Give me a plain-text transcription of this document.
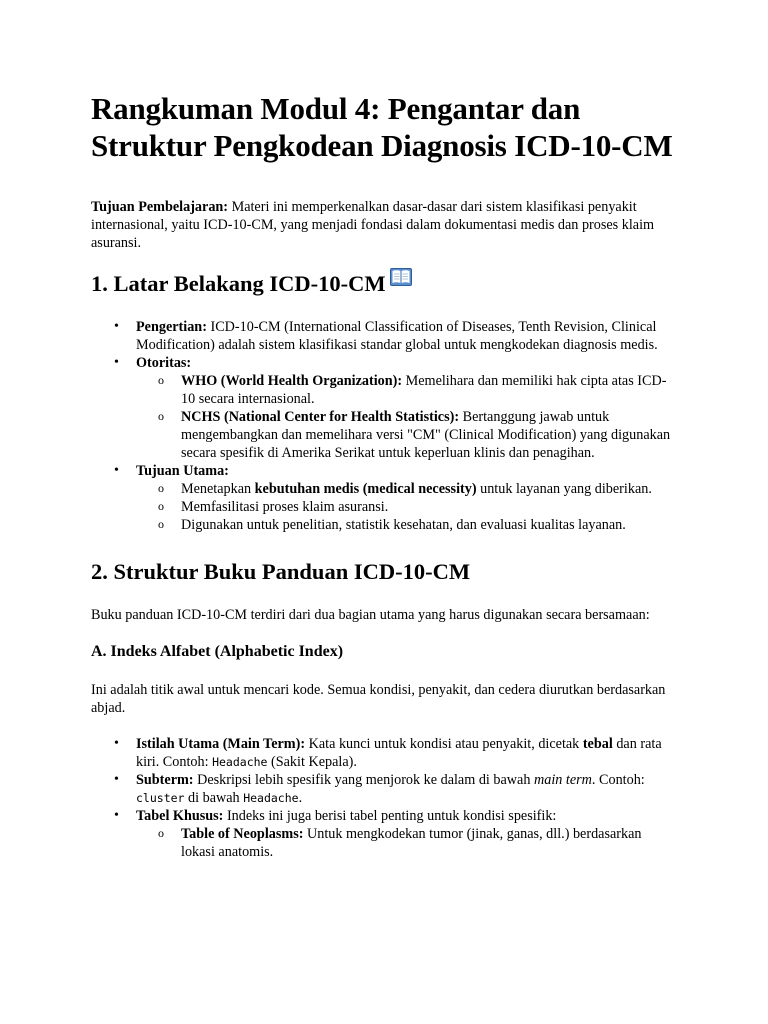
Rangkuman Modul 4: Pengantar dan Struktur Pengkodean Diagnosis ICD-10-CM

Tujuan Pembelajaran: Materi ini memperkenalkan dasar-dasar dari sistem klasifikasi penyakit internasional, yaitu ICD-10-CM, yang menjadi fondasi dalam dokumentasi medis dan proses klaim asuransi.

1. Latar Belakang ICD-10-CM
• Pengertian: ICD-10-CM (International Classification of Diseases, Tenth Revision, Clinical Modification) adalah sistem klasifikasi standar global untuk mengkodekan diagnosis medis.
• Otoritas:
o WHO (World Health Organization): Memelihara dan memiliki hak cipta atas ICD-10 secara internasional.
o NCHS (National Center for Health Statistics): Bertanggung jawab untuk mengembangkan dan memelihara versi "CM" (Clinical Modification) yang digunakan secara spesifik di Amerika Serikat untuk keperluan klinis dan penagihan.
• Tujuan Utama:
o Menetapkan kebutuhan medis (medical necessity) untuk layanan yang diberikan.
o Memfasilitasi proses klaim asuransi.
o Digunakan untuk penelitian, statistik kesehatan, dan evaluasi kualitas layanan.
2. Struktur Buku Panduan ICD-10-CM

Buku panduan ICD-10-CM terdiri dari dua bagian utama yang harus digunakan secara bersamaan:

A. Indeks Alfabet (Alphabetic Index)

Ini adalah titik awal untuk mencari kode. Semua kondisi, penyakit, dan cedera diurutkan berdasarkan abjad.

• Istilah Utama (Main Term): Kata kunci untuk kondisi atau penyakit, dicetak tebal dan rata kiri. Contoh: Headache (Sakit Kepala).
• Subterm: Deskripsi lebih spesifik yang menjorok ke dalam di bawah main term. Contoh: cluster di bawah Headache.
• Tabel Khusus: Indeks ini juga berisi tabel penting untuk kondisi spesifik:
o Table of Neoplasms: Untuk mengkodekan tumor (jinak, ganas, dll.) berdasarkan lokasi anatomis.
